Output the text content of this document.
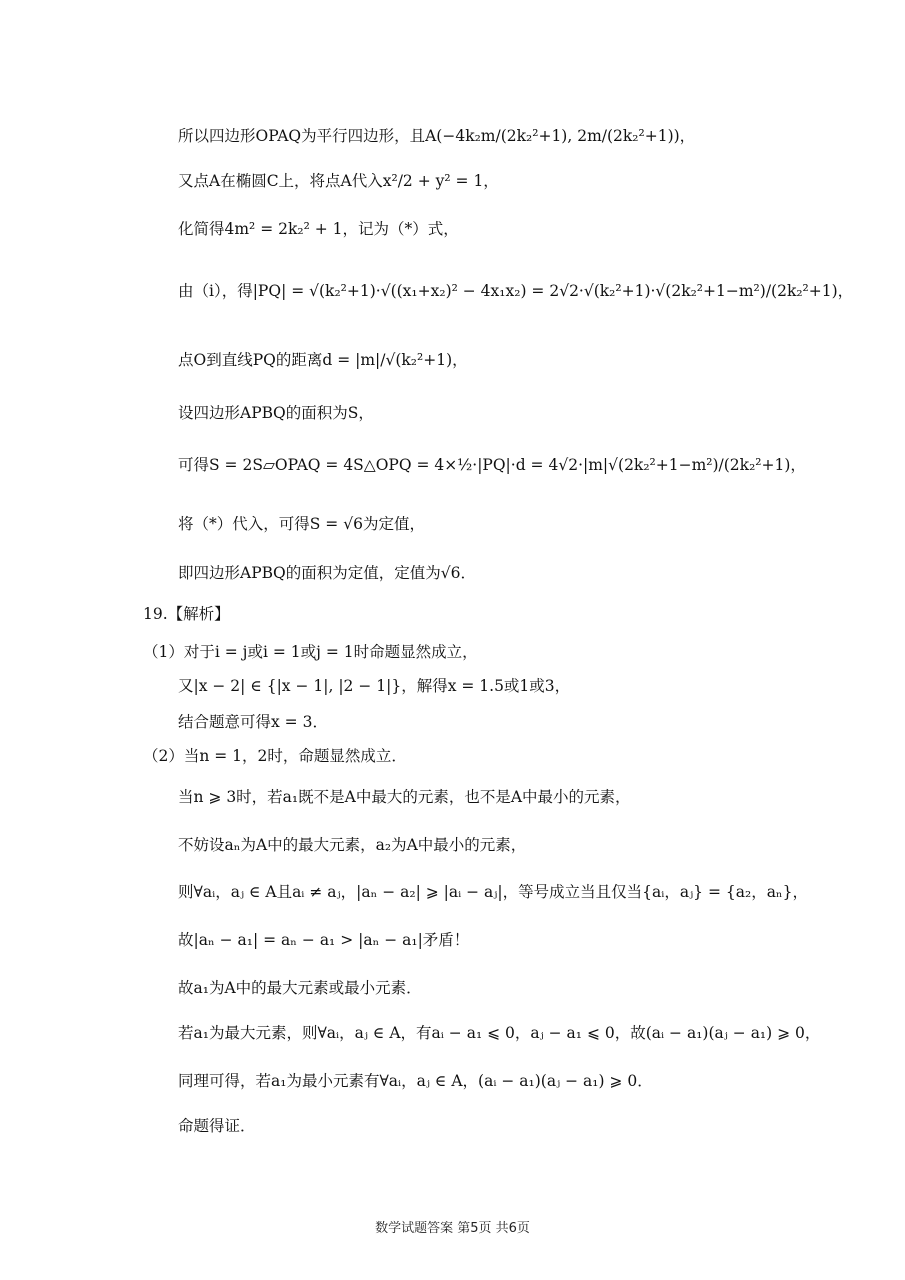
所以四边形OPAQ为平行四边形，且A(−4k₂m/(2k₂²+1), 2m/(2k₂²+1))，
又点A在椭圆C上，将点A代入x²/2 + y² = 1，
化简得4m² = 2k₂² + 1，记为（*）式，
由（i），得|PQ| = √(k₂²+1)·√((x₁+x₂)² − 4x₁x₂) = 2√2·√(k₂²+1)·√(2k₂²+1−m²)/(2k₂²+1)，
点O到直线PQ的距离d = |m|/√(k₂²+1)，
设四边形APBQ的面积为S，
可得S = 2S▱OPAQ = 4S△OPQ = 4×½·|PQ|·d = 4√2·|m|√(2k₂²+1−m²)/(2k₂²+1)，
将（*）代入，可得S = √6为定值，
即四边形APBQ的面积为定值，定值为√6．
19.【解析】
（1）对于i = j或i = 1或j = 1时命题显然成立，
又|x − 2| ∈ {|x − 1|, |2 − 1|}，解得x = 1.5或1或3，
结合题意可得x = 3．
（2）当n = 1，2时，命题显然成立．
当n ⩾ 3时，若a₁既不是A中最大的元素，也不是A中最小的元素，
不妨设aₙ为A中的最大元素，a₂为A中最小的元素，
则∀aᵢ，aⱼ ∈ A且aᵢ ≠ aⱼ，|aₙ − a₂| ⩾ |aᵢ − aⱼ|，等号成立当且仅当{aᵢ，aⱼ} = {a₂，aₙ}，
故|aₙ − a₁| = aₙ − a₁ > |aₙ − a₁|矛盾！
故a₁为A中的最大元素或最小元素．
若a₁为最大元素，则∀aᵢ，aⱼ ∈ A，有aᵢ − a₁ ⩽ 0，aⱼ − a₁ ⩽ 0，故(aᵢ − a₁)(aⱼ − a₁) ⩾ 0，
同理可得，若a₁为最小元素有∀aᵢ，aⱼ ∈ A，(aᵢ − a₁)(aⱼ − a₁) ⩾ 0．
命题得证．
数学试题答案 第5页 共6页
